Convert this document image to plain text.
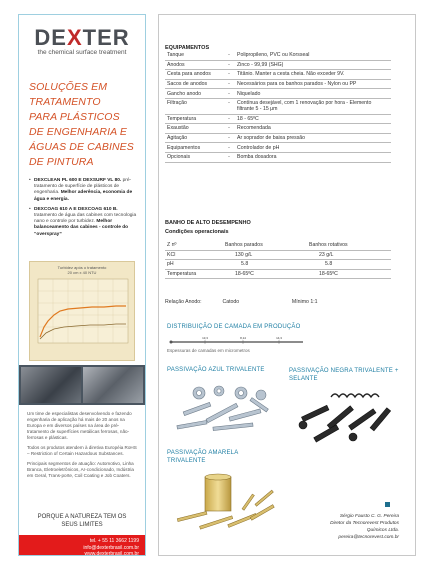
DEXTER
the chemical surface treatment
SOLUÇÕES EM
TRATAMENTO
PARA PLÁSTICOS
DE ENGENHARIA E
ÁGUAS DE CABINES
DE PINTURA
• DEXCLEAN PL 600 E DEXSURF VL 80. pré-tratamento de superfície de plásticos de engenharia. Melhor aderência, economia de água e energia.
• DEXCOAG 610 A E DEXCOAG 610 B. tratamento de água das cabines com tecnologia nano e controle por turbidez. Melhor balanceamento das cabines - controle do “overspray”
Turbidez após o tratamento
20 cm x 40 NTU

Um time de especialistas desenvolvendo e fazendo engenharia de aplicação há mais de 20 anos na Europa e em diversos países na área de pré-tratamento de superfícies metálicas ferrosas, não-ferrosas e plásticas.

Todos os produtos atendem à diretiva Européia RoHS – Restriction of Certain Hazardous Substances.

Principais segmentos de atuação: Automotivo, Linha Branca, Eletroeletrônicos, Ar-condicionado, Indústria em Geral, Trans-porte, Coil Coating e Job Coaters.

PORQUE A NATUREZA TEM OS
SEUS LIMITES
tel. + 55 11 3662 1199
info@dexterbrasil.com.br
www.dexterbrasil.com.br
EQUIPAMENTOS
Tanque	-	Polipropileno, PVC ou Korsseal
Anodos	-	Zinco - 99,99 (SHG)
Cesta para anodos	-	Titânio. Manter a cesta cheia. Não exceder 9V.
Sacos de anodos	-	Necessários para os banhos parados - Nylon ou PP
Gancho anodo	-	Niquelado
Filtração	-	Contínua desejável, com 1 renovação por hora - Elemento filtrante 5 - 15 μm
Temperatura	-	18 - 65ºC
Exaustão	-	Recomendada
Agitação	-	Ar soprador de baixa pressão
Equipamentos	-	Controlador de pH
Opcionais	-	Bomba dosadora
BANHO DE ALTO DESEMPENHO
Condições operacionais
Z nº	Banhos parados	Banhos rotativos
KCl	130 g/L	23 g/L
pH	5.8	5.8
Temperatura	18-65ºC	18-65ºC
Relação Anodo:	Catodo	Mínimo 1:1
DISTRIBUIÇÃO DE CAMADA EM PRODUÇÃO
13,3	8,14	14,3
Espessuras de camadas em micrometros
PASSIVAÇÃO AZUL TRIVALENTE	PASSIVAÇÃO NEGRA TRIVALENTE + SELANTE
PASSIVAÇÃO AMARELA TRIVALENTE
Sérgio Fausto C. G. Pereira
Diretor da Tecnorevest Produtos
Químicos Ltda.
pereira@tecnorevest.com.br
